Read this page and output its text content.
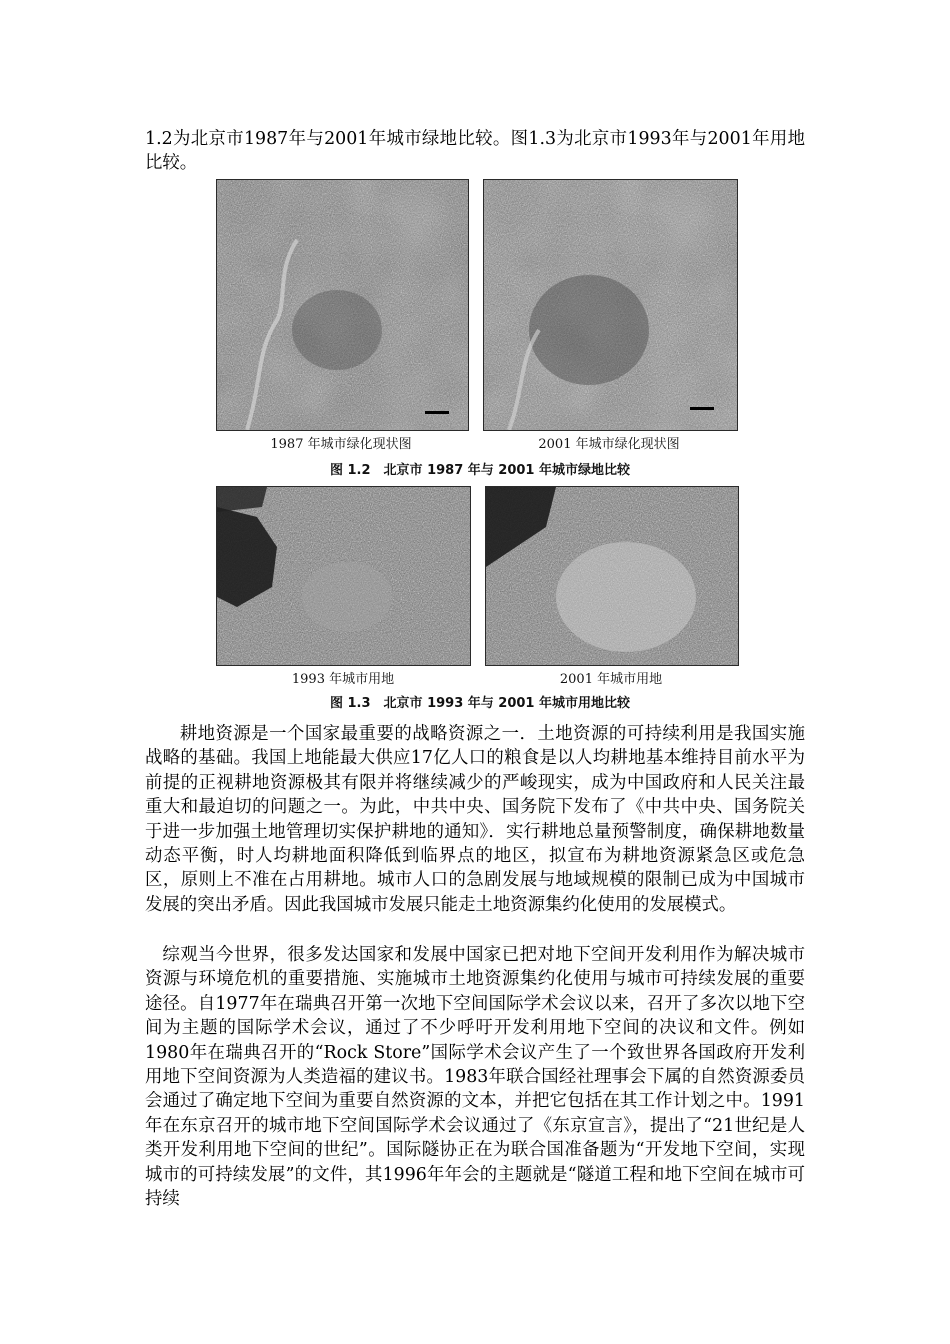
1.2为北京市1987年与2001年城市绿地比较。图1.3为北京市1993年与2001年用地比较。

1987 年城市绿化现状图	2001 年城市绿化现状图
图 1.2　北京市 1987 年与 2001 年城市绿地比较
1993 年城市用地	2001 年城市用地
图 1.3　北京市 1993 年与 2001 年城市用地比较

耕地资源是一个国家最重要的战略资源之一．土地资源的可持续利用是我国实施战略的基础。我国上地能最大供应17亿人口的粮食是以人均耕地基本维持目前水平为前提的正视耕地资源极其有限并将继续减少的严峻现实，成为中国政府和人民关注最重大和最迫切的问题之一。为此，中共中央、国务院下发布了《中共中央、国务院关于进一步加强土地管理切实保护耕地的通知》．实行耕地总量预警制度，确保耕地数量动态平衡，时人均耕地面积降低到临界点的地区，拟宣布为耕地资源紧急区或危急区，原则上不准在占用耕地。城市人口的急剧发展与地域规模的限制已成为中国城市发展的突出矛盾。因此我国城市发展只能走土地资源集约化使用的发展模式。

综观当今世界，很多发达国家和发展中国家已把对地下空间开发利用作为解决城市资源与环境危机的重要措施、实施城市土地资源集约化使用与城市可持续发展的重要途径。自1977年在瑞典召开第一次地下空间国际学术会议以来，召开了多次以地下空间为主题的国际学术会议，通过了不少呼吁开发利用地下空间的决议和文件。例如1980年在瑞典召开的“Rock Store”国际学术会议产生了一个致世界各国政府开发利用地下空间资源为人类造福的建议书。1983年联合国经社理事会下属的自然资源委员会通过了确定地下空间为重要自然资源的文本，并把它包括在其工作计划之中。1991年在东京召开的城市地下空间国际学术会议通过了《东京宣言》，提出了“21世纪是人类开发利用地下空间的世纪”。国际隧协正在为联合国准备题为“开发地下空间，实现城市的可持续发展”的文件，其1996年年会的主题就是“隧道工程和地下空间在城市可持续
